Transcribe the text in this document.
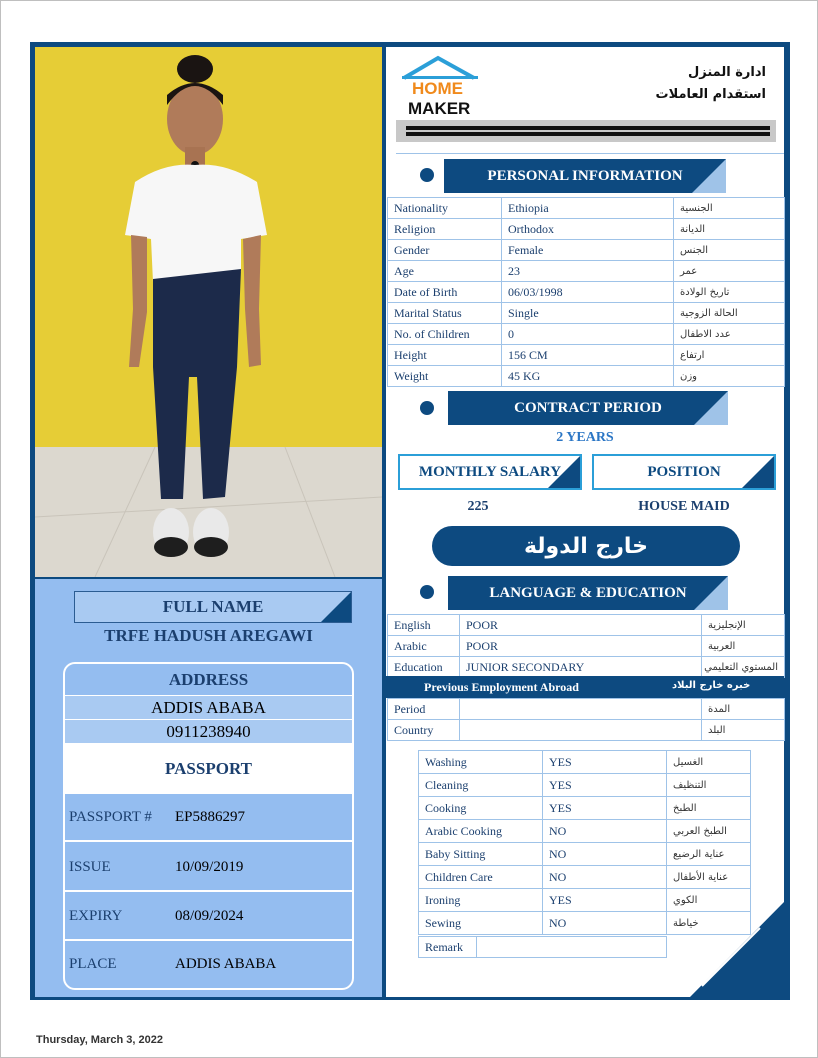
FULL NAME
TRFE HADUSH AREGAWI
ADDRESS
ADDIS ABABA
0911238940
PASSPORT
PASSPORT #	EP5886297
ISSUE	10/09/2019
EXPIRY	08/09/2024
PLACE	ADDIS ABABA
HOME
MAKER
ادارة المنزل
استقدام العاملات
PERSONAL INFORMATION
Nationality	Ethiopia	الجنسية
Religion	Orthodox	الديانة
Gender	Female	الجنس
Age	23	عمر
Date of Birth	06/03/1998	تاريخ الولادة
Marital Status	Single	الحالة الزوجية
No. of Children	0	عدد الاطفال
Height	156 CM	ارتفاع
Weight	45 KG	وزن
CONTRACT PERIOD
2 YEARS
MONTHLY SALARY	POSITION
225	HOUSE MAID
خارج الدولة
LANGUAGE & EDUCATION
English	POOR	الإنجليزية
Arabic	POOR	العربية
Education	JUNIOR SECONDARY	المستوي التعليمي
Previous Employment Abroad	خبره خارج البلاد
Period		المدة
Country		البلد
Washing	YES	الغسيل
Cleaning	YES	التنظيف
Cooking	YES	الطبخ
Arabic Cooking	NO	الطبخ العربي
Baby Sitting	NO	عناية الرضيع
Children Care	NO	عناية الأطفال
Ironing	YES	الكوي
Sewing	NO	خياطة
Remark	
Thursday, March 3, 2022
